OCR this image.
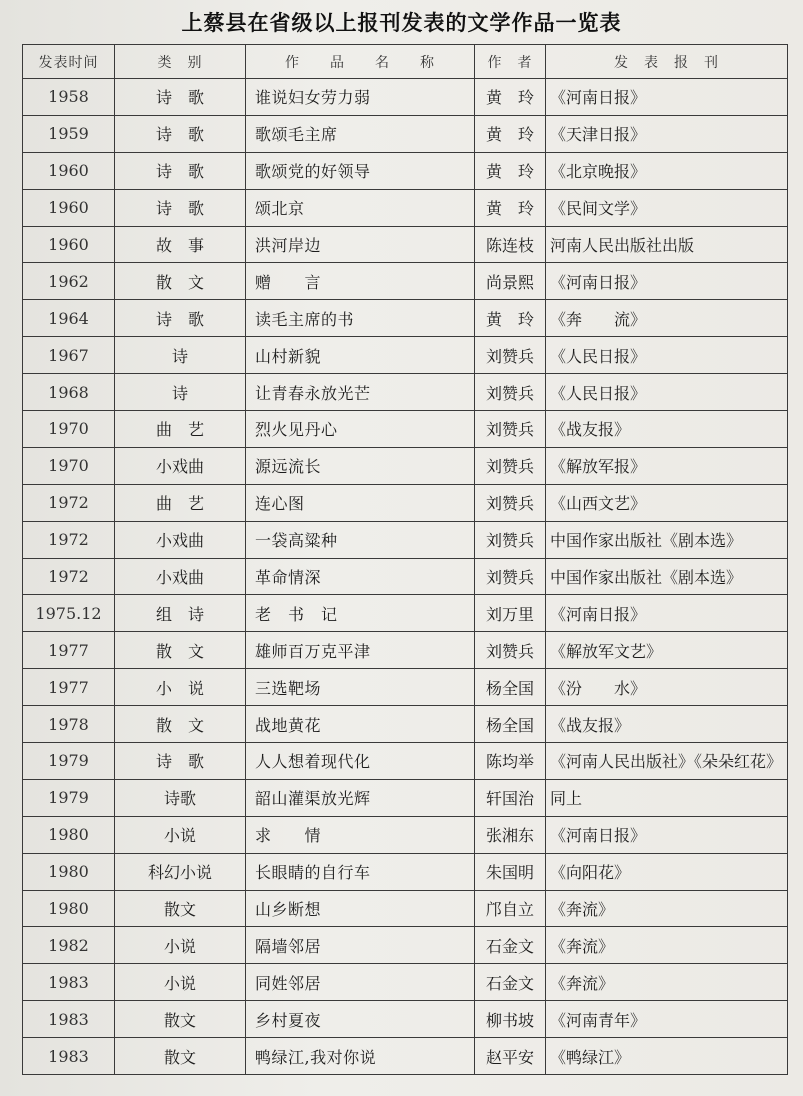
上蔡县在省级以上报刊发表的文学作品一览表
发表时间	类　别	作　　品　　名　　称	作　者	发　表　报　刊
1958	诗　歌	谁说妇女劳力弱	黄　玲	《河南日报》
1959	诗　歌	歌颂毛主席	黄　玲	《天津日报》
1960	诗　歌	歌颂党的好领导	黄　玲	《北京晚报》
1960	诗　歌	颂北京	黄　玲	《民间文学》
1960	故　事	洪河岸边	陈连枝	河南人民出版社出版
1962	散　文	赠　　言	尚景熙	《河南日报》
1964	诗　歌	读毛主席的书	黄　玲	《奔　　流》
1967	诗	山村新貌	刘赞兵	《人民日报》
1968	诗	让青春永放光芒	刘赞兵	《人民日报》
1970	曲　艺	烈火见丹心	刘赞兵	《战友报》
1970	小戏曲	源远流长	刘赞兵	《解放军报》
1972	曲　艺	连心图	刘赞兵	《山西文艺》
1972	小戏曲	一袋高粱种	刘赞兵	中国作家出版社《剧本选》
1972	小戏曲	革命情深	刘赞兵	中国作家出版社《剧本选》
1975.12	组　诗	老　书　记	刘万里	《河南日报》
1977	散　文	雄师百万克平津	刘赞兵	《解放军文艺》
1977	小　说	三选靶场	杨全国	《汾　　水》
1978	散　文	战地黄花	杨全国	《战友报》
1979	诗　歌	人人想着现代化	陈均举	《河南人民出版社》《朵朵红花》
1979	诗歌	韶山灌渠放光辉	轩国治	同上
1980	小说	求　　情	张湘东	《河南日报》
1980	科幻小说	长眼睛的自行车	朱国明	《向阳花》
1980	散文	山乡断想	邝自立	《奔流》
1982	小说	隔墙邻居	石金文	《奔流》
1983	小说	同姓邻居	石金文	《奔流》
1983	散文	乡村夏夜	柳书坡	《河南青年》
1983	散文	鸭绿江,我对你说	赵平安	《鸭绿江》
